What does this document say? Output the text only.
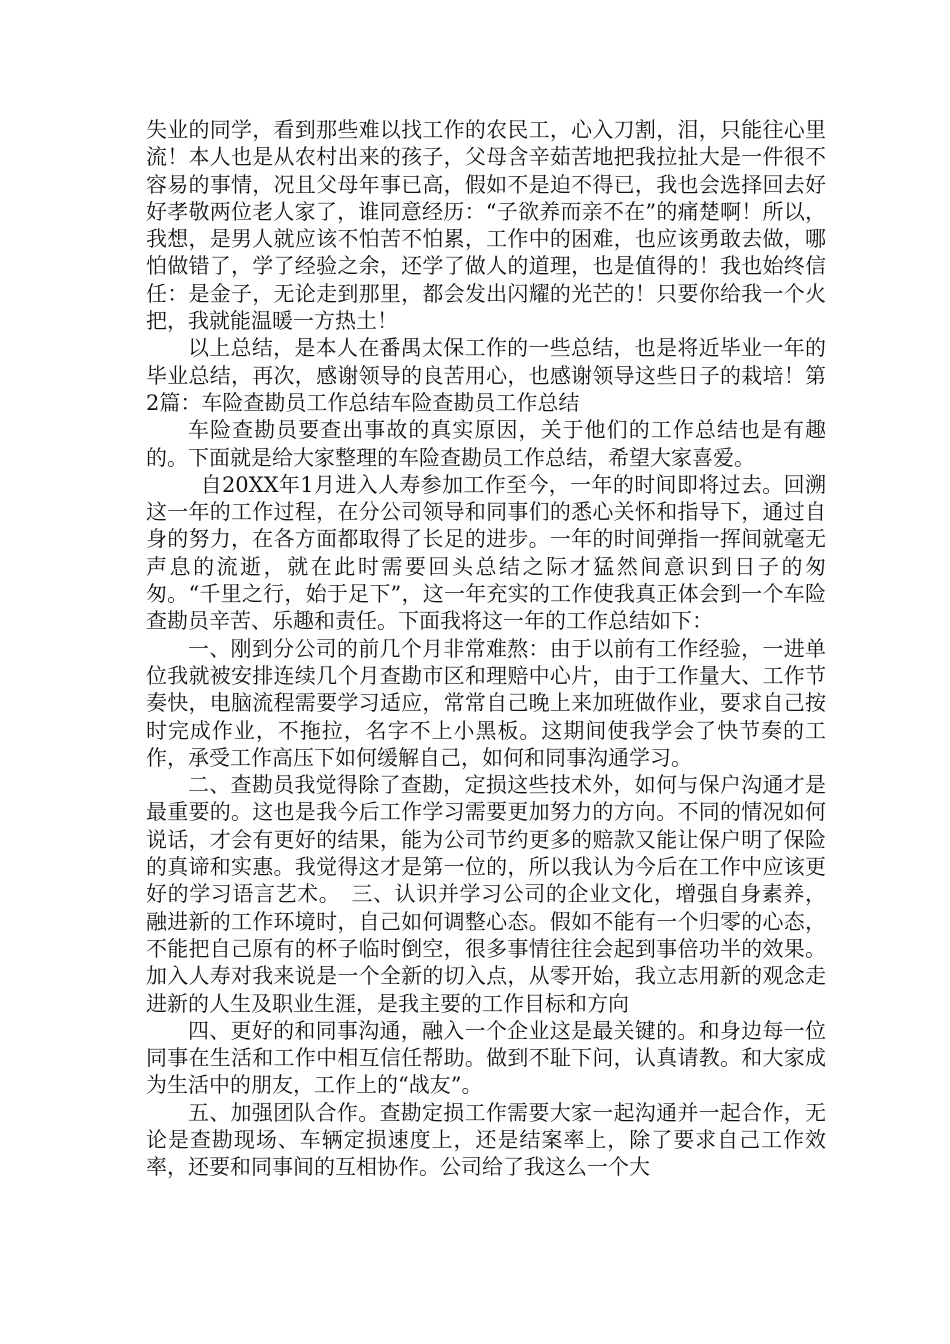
失业的同学，看到那些难以找工作的农民工，心入刀割，泪，只能往心里流！本人也是从农村出来的孩子，父母含辛茹苦地把我拉扯大是一件很不容易的事情，况且父母年事已高，假如不是迫不得已，我也会选择回去好好孝敬两位老人家了，谁同意经历：“子欲养而亲不在”的痛楚啊！所以，我想，是男人就应该不怕苦不怕累，工作中的困难，也应该勇敢去做，哪怕做错了，学了经验之余，还学了做人的道理，也是值得的！我也始终信任：是金子，无论走到那里，都会发出闪耀的光芒的！只要你给我一个火把，我就能温暖一方热土！

以上总结，是本人在番禺太保工作的一些总结，也是将近毕业一年的毕业总结，再次，感谢领导的良苦用心，也感谢领导这些日子的栽培！第2篇：车险查勘员工作总结车险查勘员工作总结

车险查勘员要查出事故的真实原因，关于他们的工作总结也是有趣的。下面就是给大家整理的车险查勘员工作总结，希望大家喜爱。

自20XX年1月进入人寿参加工作至今，一年的时间即将过去。回溯这一年的工作过程，在分公司领导和同事们的悉心关怀和指导下，通过自身的努力，在各方面都取得了长足的进步。一年的时间弹指一挥间就毫无声息的流逝，就在此时需要回头总结之际才猛然间意识到日子的匆匆。“千里之行，始于足下”，这一年充实的工作使我真正体会到一个车险查勘员辛苦、乐趣和责任。下面我将这一年的工作总结如下：

一、刚到分公司的前几个月非常难熬：由于以前有工作经验，一进单位我就被安排连续几个月查勘市区和理赔中心片，由于工作量大、工作节奏快，电脑流程需要学习适应，常常自己晚上来加班做作业，要求自己按时完成作业，不拖拉，名字不上小黑板。这期间使我学会了快节奏的工作，承受工作高压下如何缓解自己，如何和同事沟通学习。

二、查勘员我觉得除了查勘，定损这些技术外，如何与保户沟通才是最重要的。这也是我今后工作学习需要更加努力的方向。不同的情况如何说话，才会有更好的结果，能为公司节约更多的赔款又能让保户明了保险的真谛和实惠。我觉得这才是第一位的，所以我认为今后在工作中应该更好的学习语言艺术。　三、认识并学习公司的企业文化，增强自身素养，融进新的工作环境时，自己如何调整心态。假如不能有一个归零的心态，不能把自己原有的杯子临时倒空，很多事情往往会起到事倍功半的效果。加入人寿对我来说是一个全新的切入点，从零开始，我立志用新的观念走进新的人生及职业生涯，是我主要的工作目标和方向

四、更好的和同事沟通，融入一个企业这是最关键的。和身边每一位同事在生活和工作中相互信任帮助。做到不耻下问，认真请教。和大家成为生活中的朋友，工作上的“战友”。

五、加强团队合作。查勘定损工作需要大家一起沟通并一起合作，无论是查勘现场、车辆定损速度上，还是结案率上，除了要求自己工作效率，还要和同事间的互相协作。公司给了我这么一个大
